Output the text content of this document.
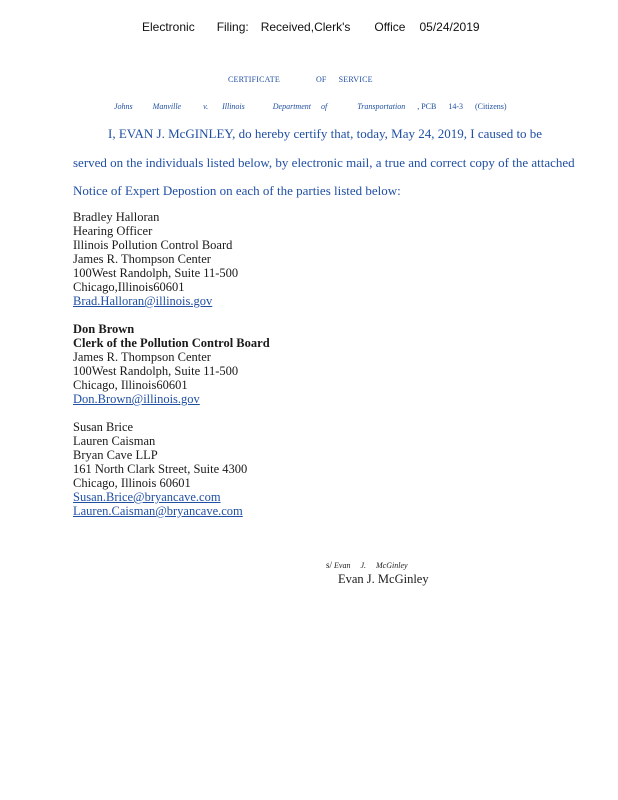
Electronic Filing: Received,Clerk's Office 05/24/2019
CERTIFICATE	OF SERVICE
Johns	Manville	v. Illinois	Department of	Transportation , PCB 14-3 (Citizens)
I, EVAN J. McGINLEY, do hereby certify that, today, May 24, 2019, I caused to be
served on the individuals listed below, by electronic mail, a true and correct copy of the attached
Notice of Expert Depostion on each of the parties listed below:
Bradley Halloran
Hearing Officer
Illinois Pollution Control Board
James R. Thompson Center
100West Randolph, Suite 11-500
Chicago,Illinois60601
Brad.Halloran@illinois.gov
Don Brown
Clerk of the Pollution Control Board
James R. Thompson Center
100West Randolph, Suite 11-500
Chicago, Illinois60601
Don.Brown@illinois.gov
Susan Brice
Lauren Caisman
Bryan Cave LLP
161 North Clark Street, Suite 4300
Chicago, Illinois 60601
Susan.Brice@bryancave.com
Lauren.Caisman@bryancave.com
s/ Evan J. McGinley
Evan J. McGinley
